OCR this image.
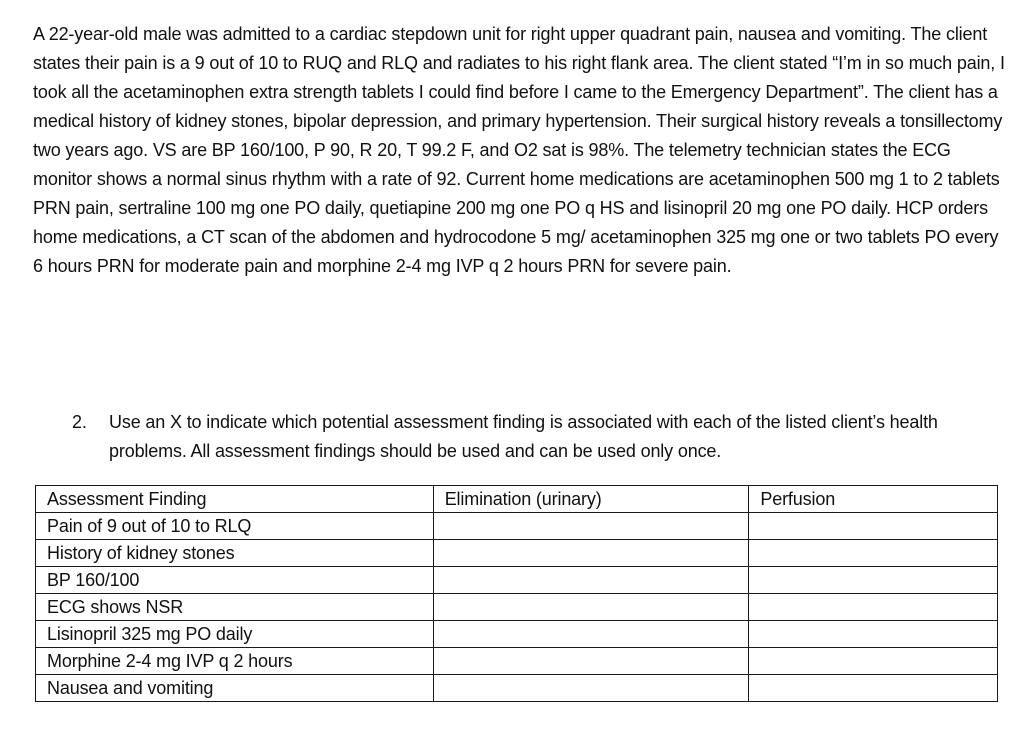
A 22-year-old male was admitted to a cardiac stepdown unit for right upper quadrant pain, nausea and vomiting. The client states their pain is a 9 out of 10 to RUQ and RLQ and radiates to his right flank area. The client stated “I’m in so much pain, I took all the acetaminophen extra strength tablets I could find before I came to the Emergency Department”. The client has a medical history of kidney stones, bipolar depression, and primary hypertension. Their surgical history reveals a tonsillectomy two years ago. VS are BP 160/100, P 90, R 20, T 99.2 F, and O2 sat is 98%. The telemetry technician states the ECG monitor shows a normal sinus rhythm with a rate of 92. Current home medications are acetaminophen 500 mg 1 to 2 tablets PRN pain, sertraline 100 mg one PO daily, quetiapine 200 mg one PO q HS and lisinopril 20 mg one PO daily. HCP orders home medications, a CT scan of the abdomen and hydrocodone 5 mg/ acetaminophen 325 mg one or two tablets PO every 6 hours PRN for moderate pain and morphine 2-4 mg IVP q 2 hours PRN for severe pain.

2.	Use an X to indicate which potential assessment finding is associated with each of the listed client’s health problems. All assessment findings should be used and can be used only once.
Assessment Finding	Elimination (urinary)	Perfusion
Pain of 9 out of 10 to RLQ		
History of kidney stones		
BP 160/100		
ECG shows NSR		
Lisinopril 325 mg PO daily		
Morphine 2-4 mg IVP q 2 hours		
Nausea and vomiting		
